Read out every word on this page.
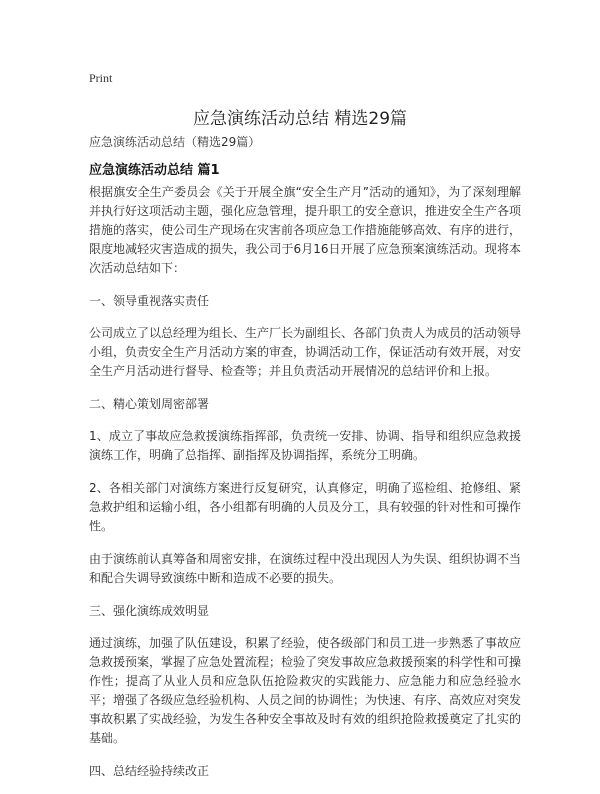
Print
应急演练活动总结 精选29篇
应急演练活动总结（精选29篇）
应急演练活动总结 篇1

根据旗安全生产委员会《关于开展全旗“安全生产月”活动的通知》，为了深刻理解并执行好这项活动主题，强化应急管理，提升职工的安全意识，推进安全生产各项措施的落实，使公司生产现场在灾害前各项应急工作措施能够高效、有序的进行，限度地减轻灾害造成的损失，我公司于6月16日开展了应急预案演练活动。现将本次活动总结如下：

一、领导重视落实责任

公司成立了以总经理为组长、生产厂长为副组长、各部门负责人为成员的活动领导小组，负责安全生产月活动方案的审查，协调活动工作，保证活动有效开展，对安全生产月活动进行督导、检查等；并且负责活动开展情况的总结评价和上报。

二、精心策划周密部署

1、成立了事故应急救援演练指挥部，负责统一安排、协调、指导和组织应急救援演练工作，明确了总指挥、副指挥及协调指挥，系统分工明确。

2、各相关部门对演练方案进行反复研究，认真修定，明确了巡检组、抢修组、紧急救护组和运输小组，各小组都有明确的人员及分工，具有较强的针对性和可操作性。

由于演练前认真筹备和周密安排，在演练过程中没出现因人为失误、组织协调不当和配合失调导致演练中断和造成不必要的损失。

三、强化演练成效明显

通过演练，加强了队伍建设，积累了经验，使各级部门和员工进一步熟悉了事故应急救援预案，掌握了应急处置流程；检验了突发事故应急救援预案的科学性和可操作性；提高了从业人员和应急队伍抢险救灾的实践能力、应急能力和应急经验水平；增强了各级应急经验机构、人员之间的协调性；为快速、有序、高效应对突发事故积累了实战经验，为发生各种安全事故及时有效的组织抢险救援奠定了扎实的基础。

四、总结经验持续改正
